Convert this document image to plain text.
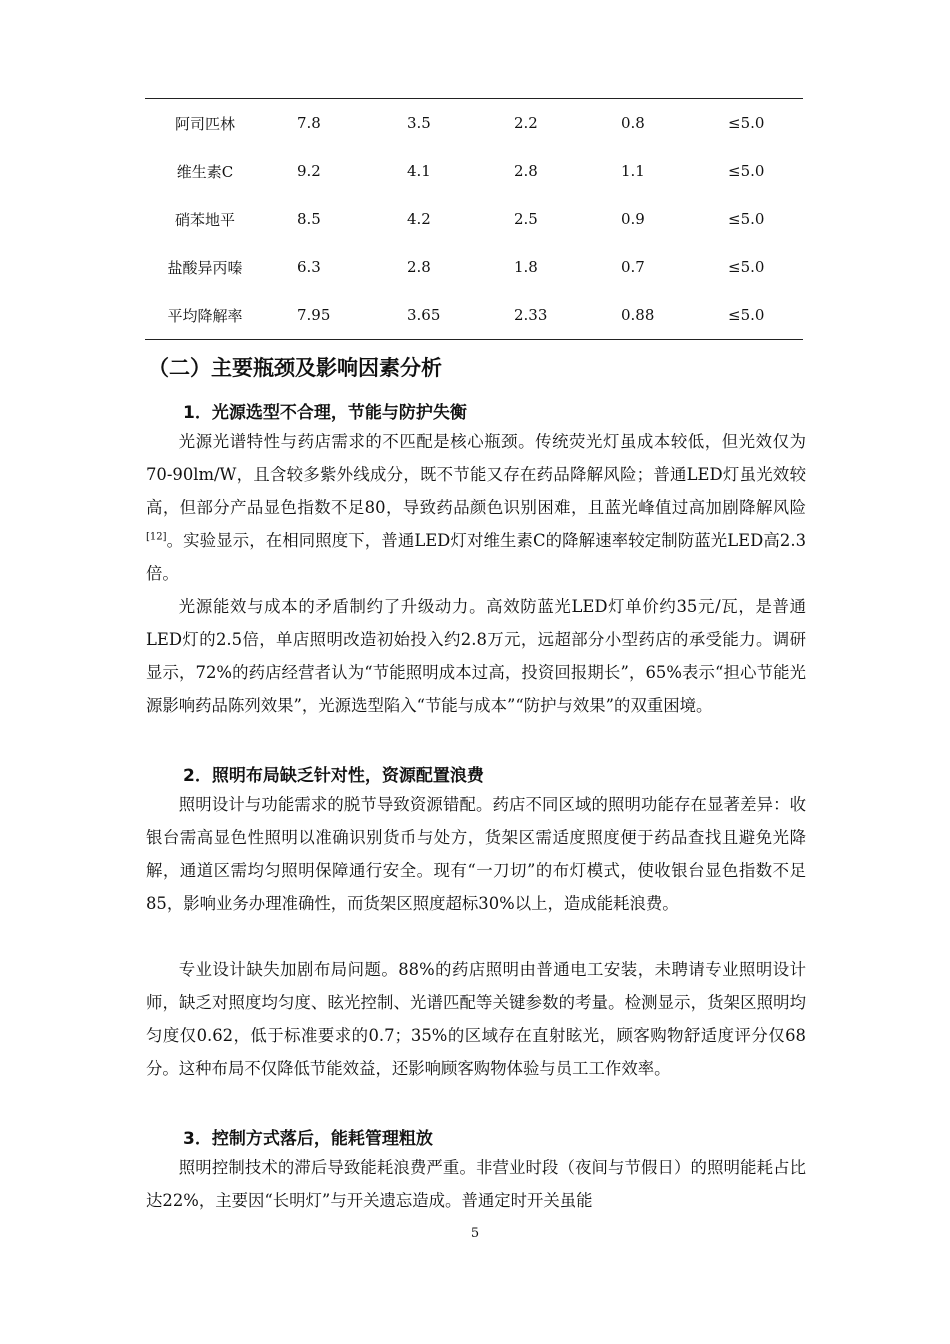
阿司匹林	7.8	3.5	2.2	0.8	≤5.0
维生素C	9.2	4.1	2.8	1.1	≤5.0
硝苯地平	8.5	4.2	2.5	0.9	≤5.0
盐酸异丙嗪	6.3	2.8	1.8	0.7	≤5.0
平均降解率	7.95	3.65	2.33	0.88	≤5.0
（二）主要瓶颈及影响因素分析
1．光源选型不合理，节能与防护失衡

光源光谱特性与药店需求的不匹配是核心瓶颈。传统荧光灯虽成本较低，但光效仅为70-90lm/W，且含较多紫外线成分，既不节能又存在药品降解风险；普通LED灯虽光效较高，但部分产品显色指数不足80，导致药品颜色识别困难，且蓝光峰值过高加剧降解风险[12]。实验显示，在相同照度下，普通LED灯对维生素C的降解速率较定制防蓝光LED高2.3倍。

光源能效与成本的矛盾制约了升级动力。高效防蓝光LED灯单价约35元/瓦，是普通LED灯的2.5倍，单店照明改造初始投入约2.8万元，远超部分小型药店的承受能力。调研显示，72%的药店经营者认为“节能照明成本过高，投资回报期长”，65%表示“担心节能光源影响药品陈列效果”，光源选型陷入“节能与成本”“防护与效果”的双重困境。

2．照明布局缺乏针对性，资源配置浪费

照明设计与功能需求的脱节导致资源错配。药店不同区域的照明功能存在显著差异：收银台需高显色性照明以准确识别货币与处方，货架区需适度照度便于药品查找且避免光降解，通道区需均匀照明保障通行安全。现有“一刀切”的布灯模式，使收银台显色指数不足85，影响业务办理准确性，而货架区照度超标30%以上，造成能耗浪费。

专业设计缺失加剧布局问题。88%的药店照明由普通电工安装，未聘请专业照明设计师，缺乏对照度均匀度、眩光控制、光谱匹配等关键参数的考量。检测显示，货架区照明均匀度仅0.62，低于标准要求的0.7；35%的区域存在直射眩光，顾客购物舒适度评分仅68分。这种布局不仅降低节能效益，还影响顾客购物体验与员工工作效率。

3．控制方式落后，能耗管理粗放

照明控制技术的滞后导致能耗浪费严重。非营业时段（夜间与节假日）的照明能耗占比达22%，主要因“长明灯”与开关遗忘造成。普通定时开关虽能

5
